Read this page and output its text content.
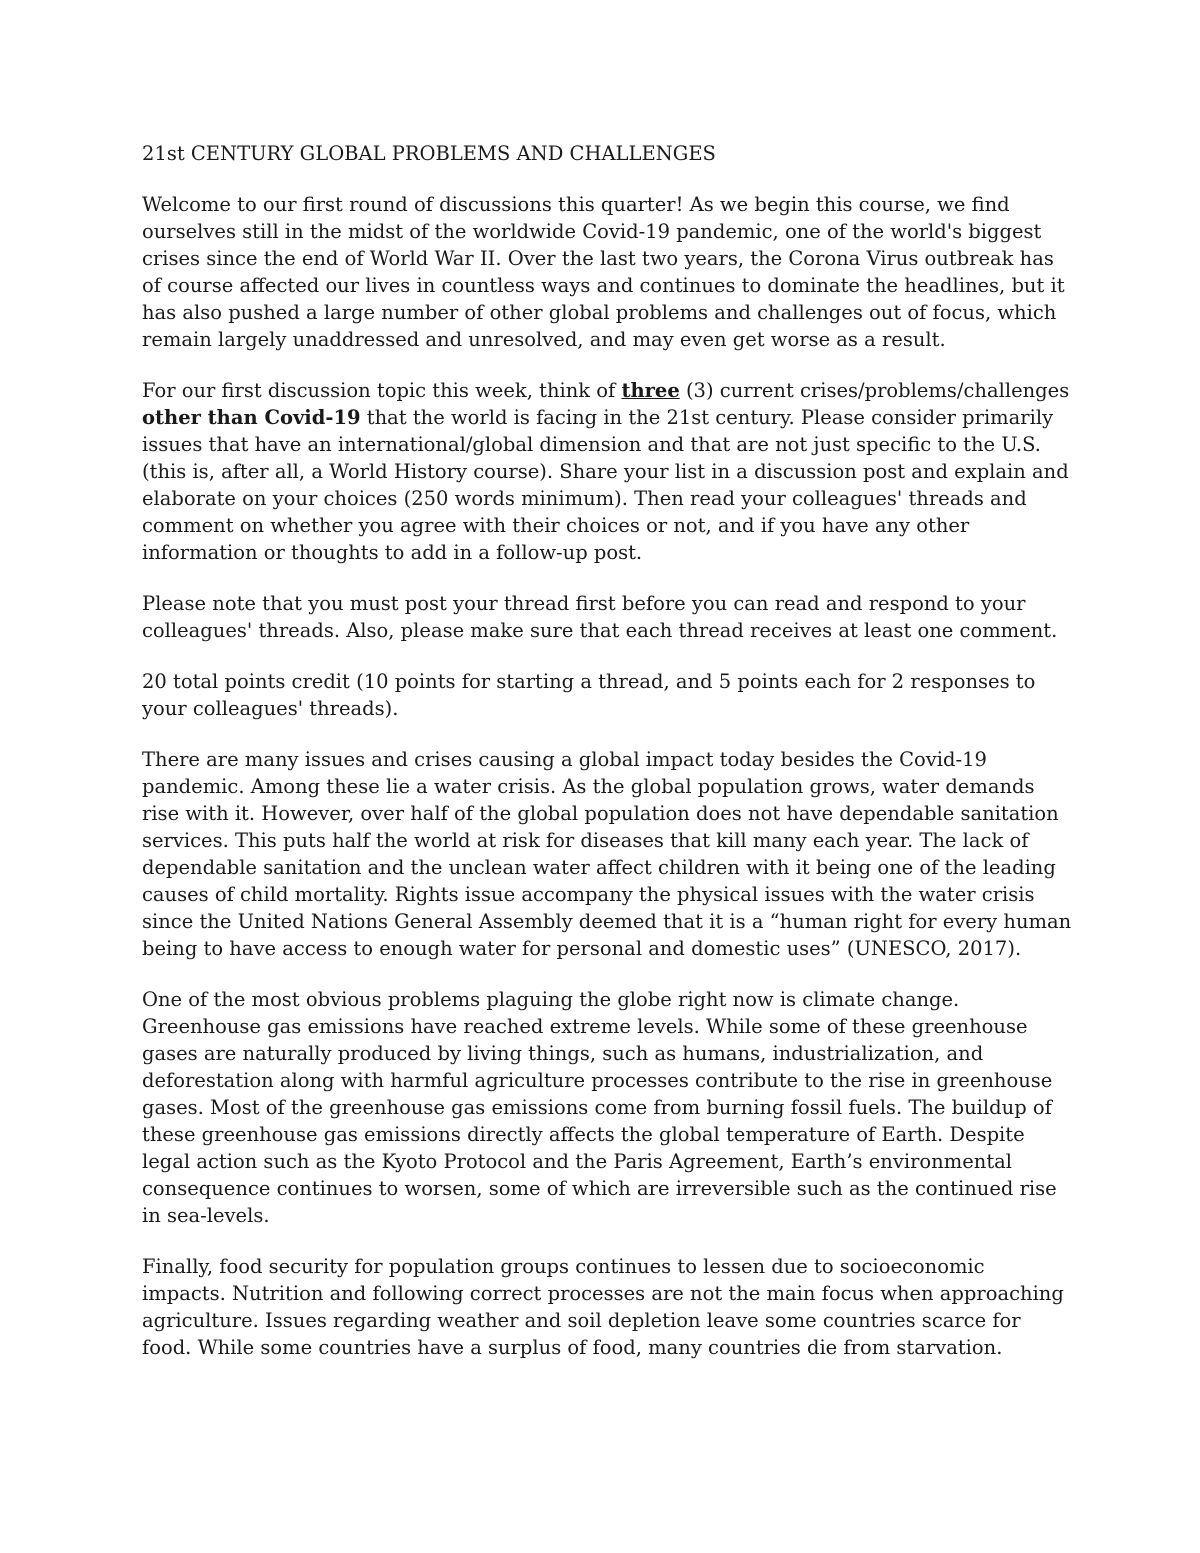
21st CENTURY GLOBAL PROBLEMS AND CHALLENGES

Welcome to our first round of discussions this quarter! As we begin this course, we find ourselves still in the midst of the worldwide Covid-19 pandemic, one of the world's biggest crises since the end of World War II. Over the last two years, the Corona Virus outbreak has of course affected our lives in countless ways and continues to dominate the headlines, but it has also pushed a large number of other global problems and challenges out of focus, which remain largely unaddressed and unresolved, and may even get worse as a result.

For our first discussion topic this week, think of three (3) current crises/problems/challenges other than Covid-19 that the world is facing in the 21st century. Please consider primarily issues that have an international/global dimension and that are not just specific to the U.S. (this is, after all, a World History course). Share your list in a discussion post and explain and elaborate on your choices (250 words minimum). Then read your colleagues' threads and comment on whether you agree with their choices or not, and if you have any other information or thoughts to add in a follow-up post.

Please note that you must post your thread first before you can read and respond to your colleagues' threads. Also, please make sure that each thread receives at least one comment.

20 total points credit (10 points for starting a thread, and 5 points each for 2 responses to your colleagues' threads).

There are many issues and crises causing a global impact today besides the Covid-19 pandemic. Among these lie a water crisis. As the global population grows, water demands rise with it. However, over half of the global population does not have dependable sanitation services. This puts half the world at risk for diseases that kill many each year. The lack of dependable sanitation and the unclean water affect children with it being one of the leading causes of child mortality. Rights issue accompany the physical issues with the water crisis since the United Nations General Assembly deemed that it is a “human right for every human being to have access to enough water for personal and domestic uses” (UNESCO, 2017).

One of the most obvious problems plaguing the globe right now is climate change. Greenhouse gas emissions have reached extreme levels. While some of these greenhouse gases are naturally produced by living things, such as humans, industrialization, and deforestation along with harmful agriculture processes contribute to the rise in greenhouse gases. Most of the greenhouse gas emissions come from burning fossil fuels. The buildup of these greenhouse gas emissions directly affects the global temperature of Earth. Despite legal action such as the Kyoto Protocol and the Paris Agreement, Earth’s environmental consequence continues to worsen, some of which are irreversible such as the continued rise in sea-levels.

Finally, food security for population groups continues to lessen due to socioeconomic impacts. Nutrition and following correct processes are not the main focus when approaching agriculture. Issues regarding weather and soil depletion leave some countries scarce for food. While some countries have a surplus of food, many countries die from starvation.
